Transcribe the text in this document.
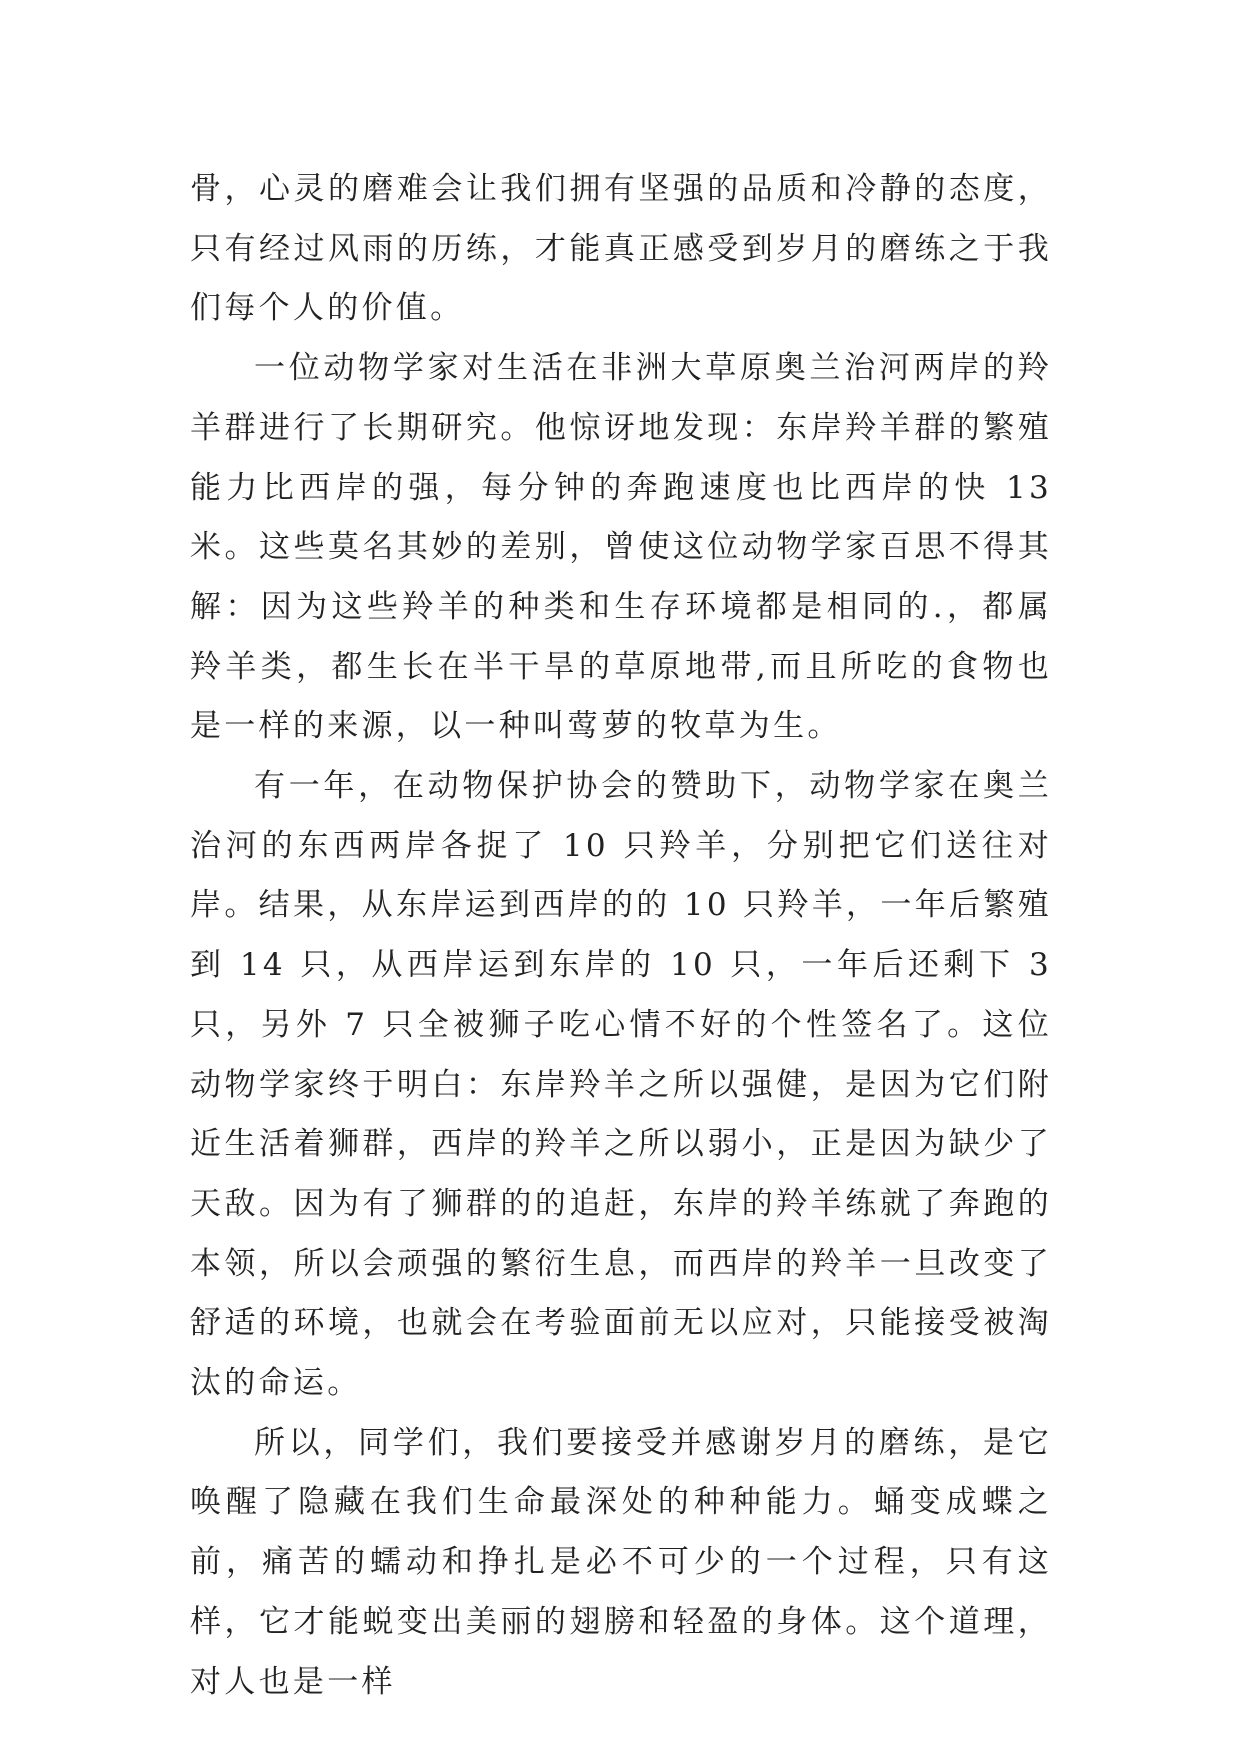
骨，心灵的磨难会让我们拥有坚强的品质和冷静的态度，只有经过风雨的历练，才能真正感受到岁月的磨练之于我们每个人的价值。

一位动物学家对生活在非洲大草原奥兰治河两岸的羚羊群进行了长期研究。他惊讶地发现：东岸羚羊群的繁殖能力比西岸的强，每分钟的奔跑速度也比西岸的快 13 米。这些莫名其妙的差别，曾使这位动物学家百思不得其解：因为这些羚羊的种类和生存环境都是相同的.，都属羚羊类，都生长在半干旱的草原地带,而且所吃的食物也是一样的来源，以一种叫莺萝的牧草为生。

有一年，在动物保护协会的赞助下，动物学家在奥兰治河的东西两岸各捉了 10 只羚羊，分别把它们送往对岸。结果，从东岸运到西岸的的 10 只羚羊，一年后繁殖到 14 只，从西岸运到东岸的 10 只，一年后还剩下 3 只，另外 7 只全被狮子吃心情不好的个性签名了。这位动物学家终于明白：东岸羚羊之所以强健，是因为它们附近生活着狮群，西岸的羚羊之所以弱小，正是因为缺少了天敌。因为有了狮群的的追赶，东岸的羚羊练就了奔跑的本领，所以会顽强的繁衍生息，而西岸的羚羊一旦改变了舒适的环境，也就会在考验面前无以应对，只能接受被淘汰的命运。

所以，同学们，我们要接受并感谢岁月的磨练，是它唤醒了隐藏在我们生命最深处的种种能力。蛹变成蝶之前，痛苦的蠕动和挣扎是必不可少的一个过程，只有这样，它才能蜕变出美丽的翅膀和轻盈的身体。这个道理，对人也是一样
